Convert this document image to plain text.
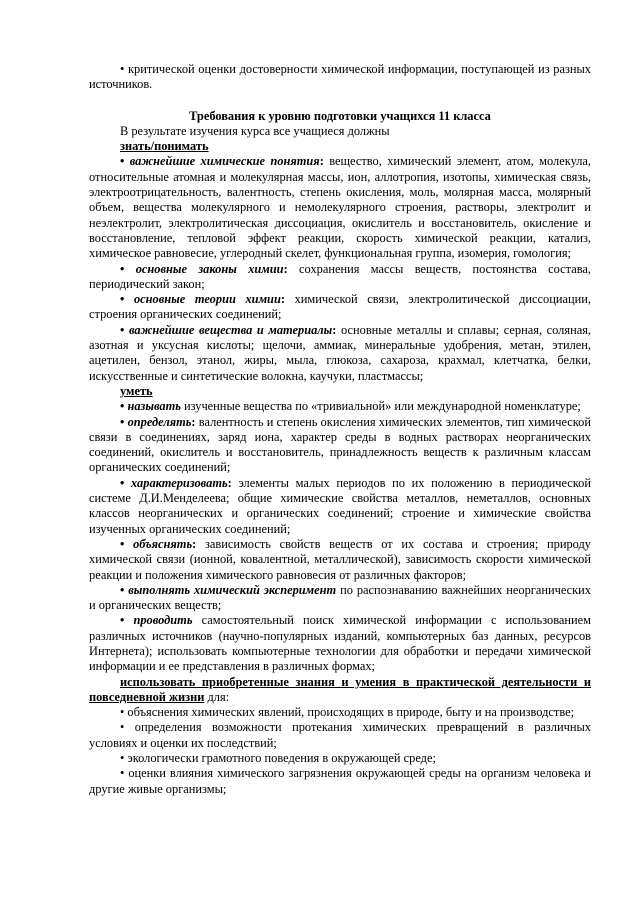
• критической оценки достоверности химической информации, поступающей из разных источников.

Требования к уровню подготовки учащихся 11 класса

В результате изучения курса все учащиеся должны

знать/понимать

• важнейшие химические понятия: вещество, химический элемент, атом, молекула, относительные атомная и молекулярная массы, ион, аллотропия, изотопы, химическая связь, электроотрицательность, валентность, степень окисления, моль, молярная масса, молярный объем, вещества молекулярного и немолекулярного строения, растворы, электролит и неэлектролит, электролитическая диссоциация, окислитель и восстановитель, окисление и восстановление, тепловой эффект реакции, скорость химической реакции, катализ, химическое равновесие, углеродный скелет, функциональная группа, изомерия, гомология;

• основные законы химии: сохранения массы веществ, постоянства состава, периодический закон;

• основные теории химии: химической связи, электролитической диссоциации, строения органических соединений;

• важнейшие вещества и материалы: основные металлы и сплавы; серная, соляная, азотная и уксусная кислоты; щелочи, аммиак, минеральные удобрения, метан, этилен, ацетилен, бензол, этанол, жиры, мыла, глюкоза, сахароза, крахмал, клетчатка, белки, искусственные и синтетические волокна, каучуки, пластмассы;

уметь

• называть изученные вещества по «тривиальной» или международной номенклатуре;

• определять: валентность и степень окисления химических элементов, тип химической связи в соединениях, заряд иона, характер среды в водных растворах неорганических соединений, окислитель и восстановитель, принадлежность веществ к различным классам органических соединений;

• характеризовать: элементы малых периодов по их положению в периодической системе Д.И.Менделеева; общие химические свойства металлов, неметаллов, основных классов неорганических и органических соединений; строение и химические свойства изученных органических соединений;

• объяснять: зависимость свойств веществ от их состава и строения; природу химической связи (ионной, ковалентной, металлической), зависимость скорости химической реакции и положения химического равновесия от различных факторов;

• выполнять химический эксперимент по распознаванию важнейших неорганических и органических веществ;

• проводить самостоятельный поиск химической информации с использованием различных источников (научно-популярных изданий, компьютерных баз данных, ресурсов Интернета); использовать компьютерные технологии для обработки и передачи химической информации и ее представления в различных формах;

использовать приобретенные знания и умения в практической деятельности и повседневной жизни для:

• объяснения химических явлений, происходящих в природе, быту и на производстве;

• определения возможности протекания химических превращений в различных условиях и оценки их последствий;

• экологически грамотного поведения в окружающей среде;

• оценки влияния химического загрязнения окружающей среды на организм человека и другие живые организмы;
